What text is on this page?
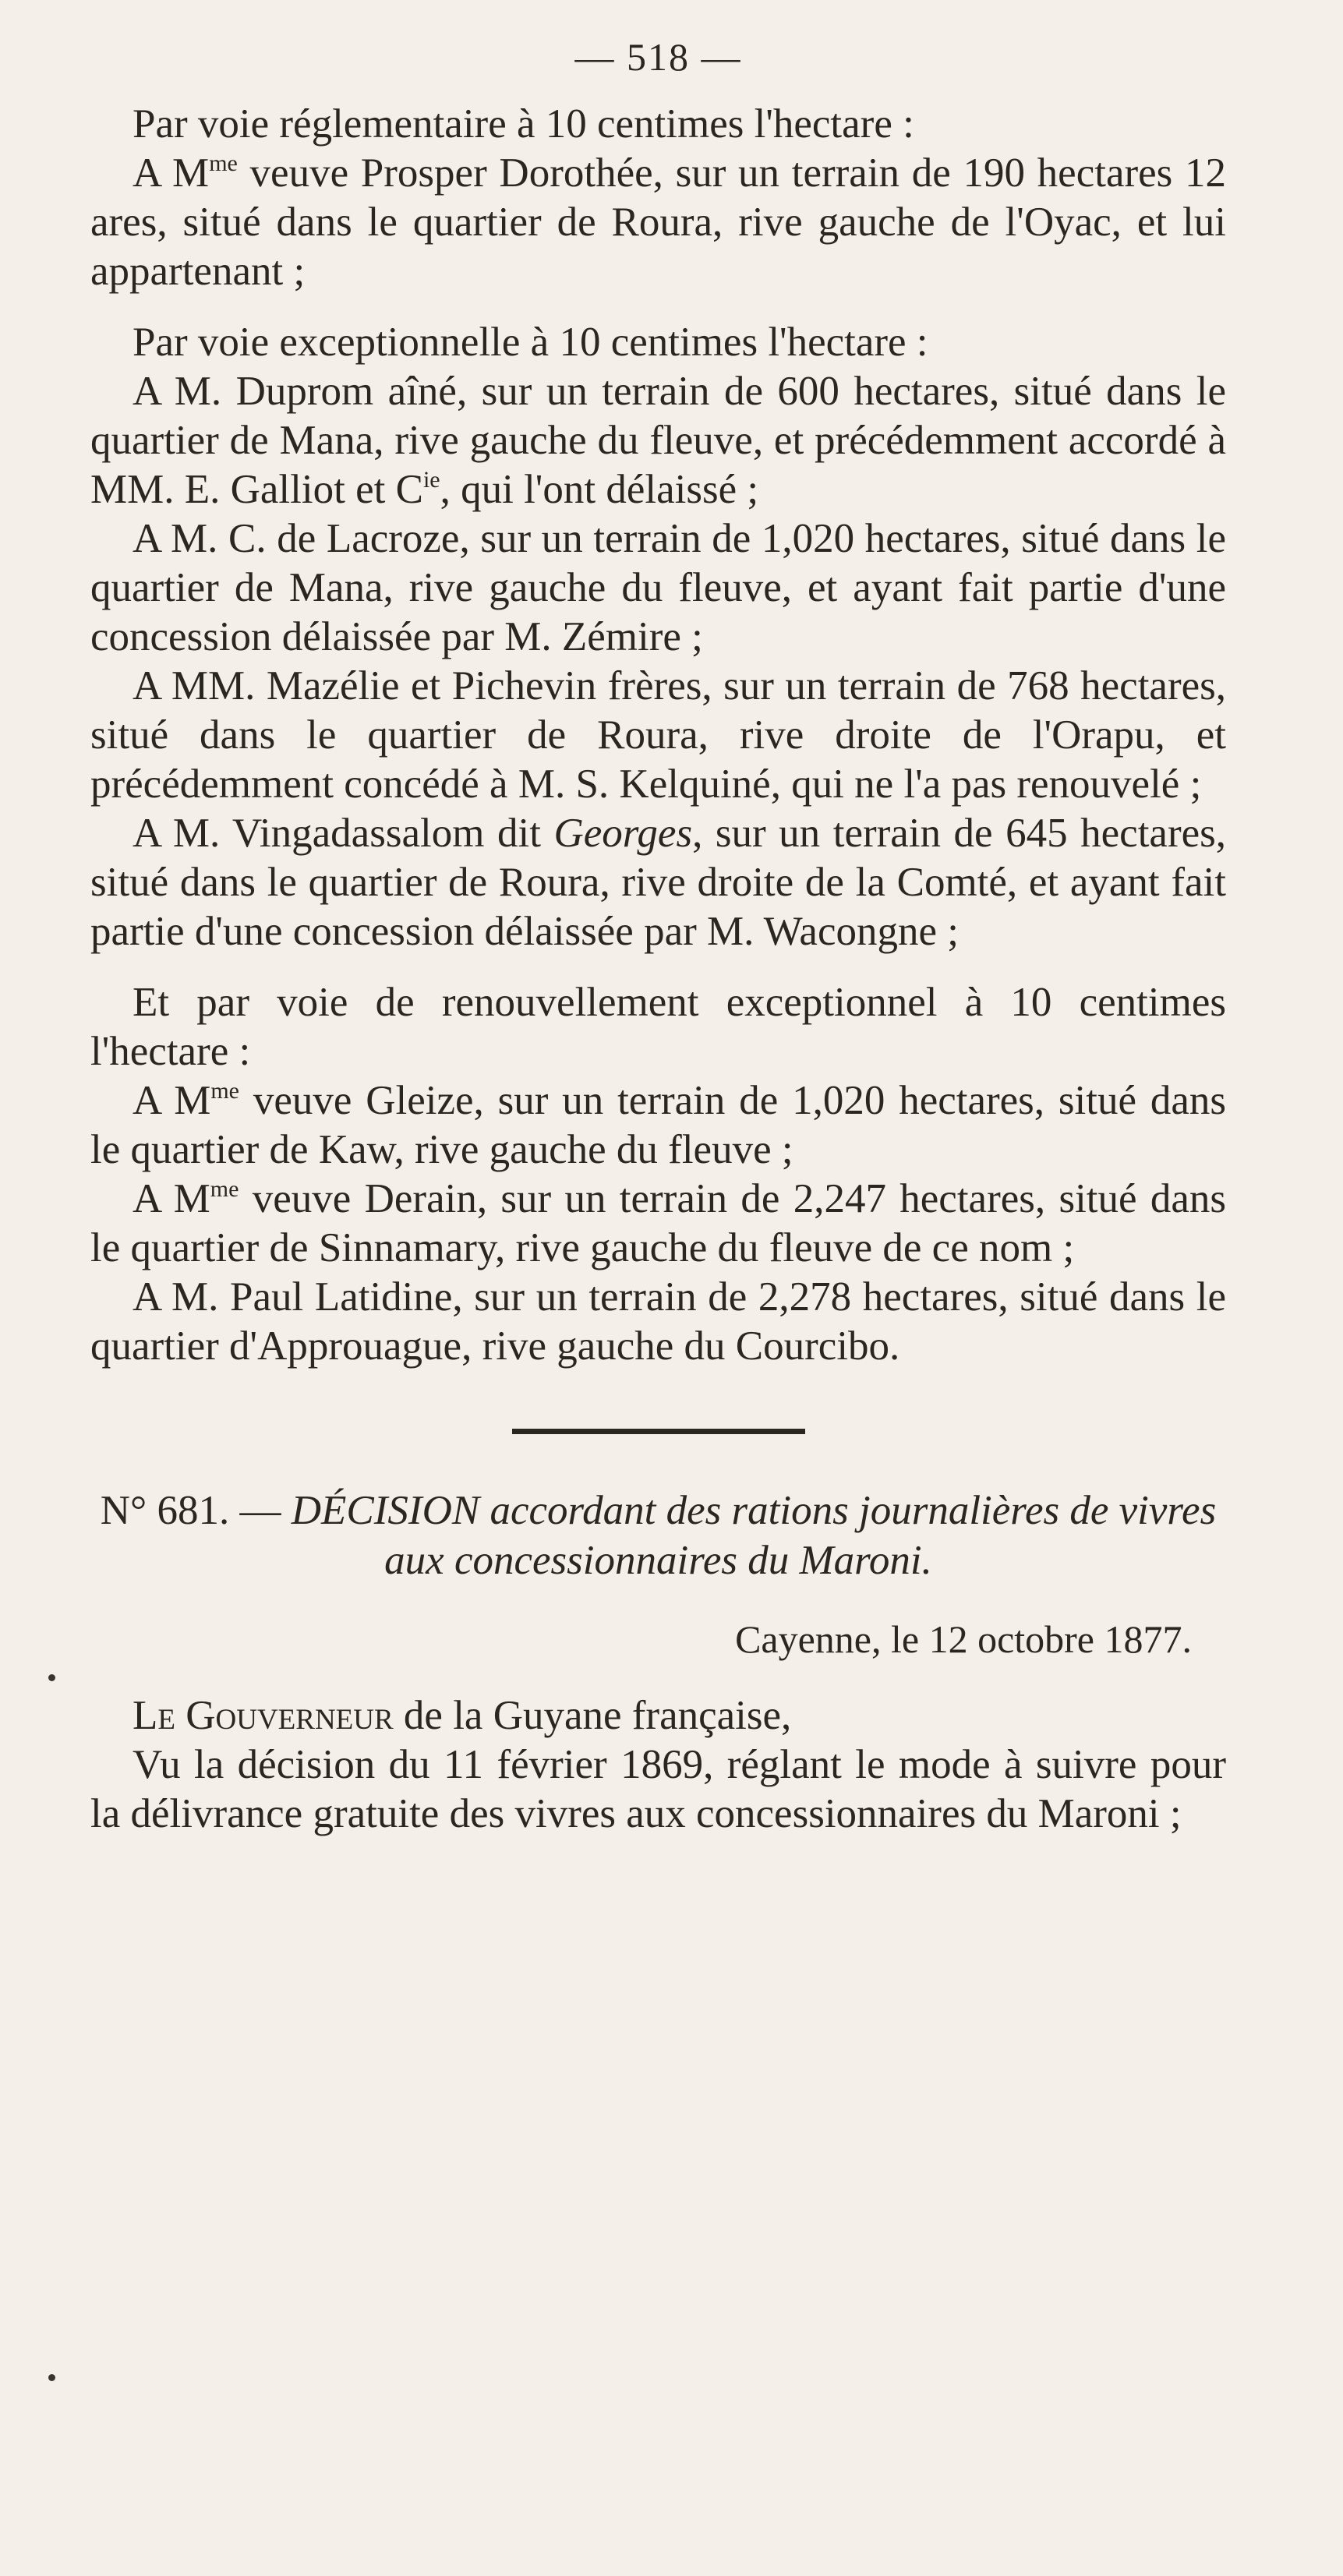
— 518 —

Par voie réglementaire à 10 centimes l'hectare :

A $M^{me}$ veuve Prosper Dorothée, sur un terrain de 190 hectares 12 ares, situé dans le quartier de Roura, rive gauche de l'Oyac, et lui appartenant ;

Par voie exceptionnelle à 10 centimes l'hectare :

A M. Duprom aîné, sur un terrain de 600 hectares, situé dans le quartier de Mana, rive gauche du fleuve, et précédemment accordé à MM. E. Galliot et $C^{ie}$, qui l'ont délaissé ;

A M. C. de Lacroze, sur un terrain de 1,020 hectares, situé dans le quartier de Mana, rive gauche du fleuve, et ayant fait partie d'une concession délaissée par M. Zémire ;

A MM. Mazélie et Pichevin frères, sur un terrain de 768 hectares, situé dans le quartier de Roura, rive droite de l'Orapu, et précédemment concédé à M. S. Kelquiné, qui ne l'a pas renouvelé ;

A M. Vingadassalom dit Georges, sur un terrain de 645 hectares, situé dans le quartier de Roura, rive droite de la Comté, et ayant fait partie d'une concession délaissée par M. Wacongne ;

Et par voie de renouvellement exceptionnel à 10 centimes l'hectare :

A $M^{me}$ veuve Gleize, sur un terrain de 1,020 hectares, situé dans le quartier de Kaw, rive gauche du fleuve ;

A $M^{me}$ veuve Derain, sur un terrain de 2,247 hectares, situé dans le quartier de Sinnamary, rive gauche du fleuve de ce nom ;

A M. Paul Latidine, sur un terrain de 2,278 hectares, situé dans le quartier d'Approuague, rive gauche du Courcibo.

N° 681. — DÉCISION accordant des rations journalières de vivres aux concessionnaires du Maroni.
Cayenne, le 12 octobre 1877.

Le Gouverneur de la Guyane française,

Vu la décision du 11 février 1869, réglant le mode à suivre pour la délivrance gratuite des vivres aux concessionnaires du Maroni ;
